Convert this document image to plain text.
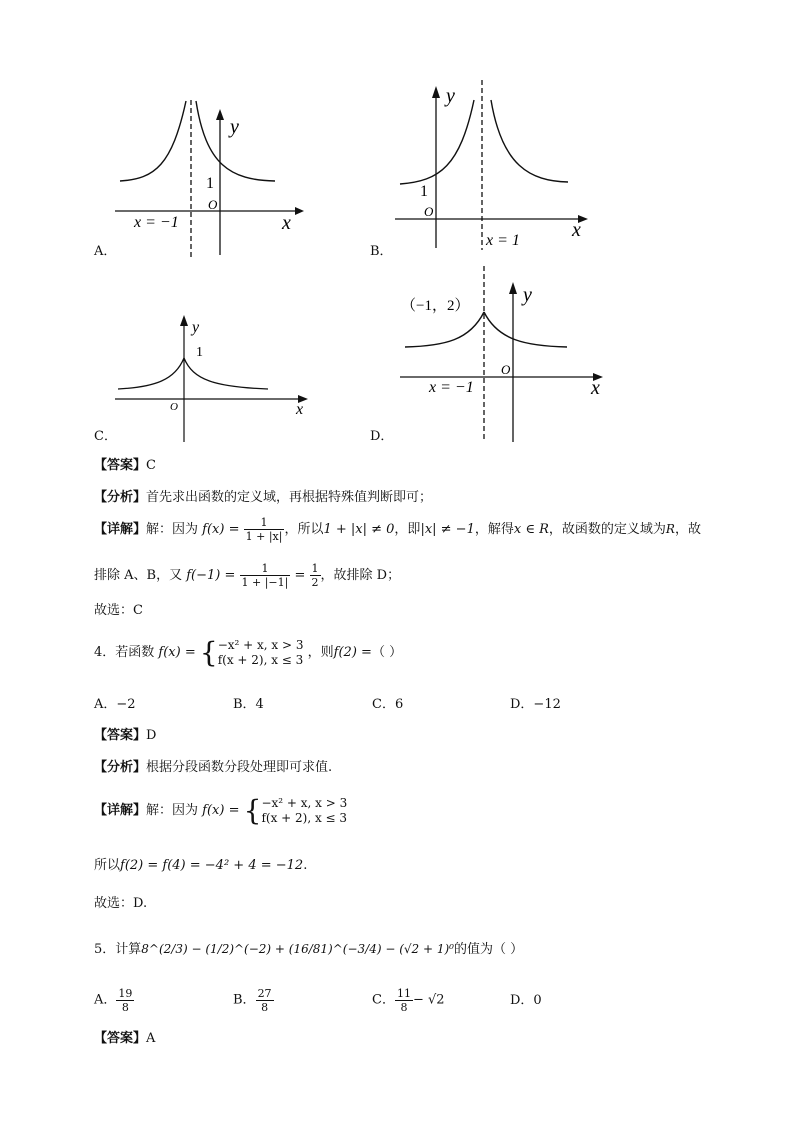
y
x
O
1
x = −1
A．
y
x
O
1
x = 1
B．
y
x
O
1
C．
y
x
O
（−1，2）
x = −1
D．
【答案】C
【分析】首先求出函数的定义域，再根据特殊值判断即可；
【详解】解：因为 $f(x) = \frac{1}{1 + |x|}$ ，所以1 + |x| ≠ 0，即|x| ≠ −1，解得x ∈ R，故函数的定义域为R，故
排除 A、B，又 $f(-1) = \frac{1}{1 + |-1|} = \frac{1}{2}$ ，故排除 D；
故选：C
4．若函数 f(x) = { −x² + x, x > 3
f(x + 2), x ≤ 3 ，则f(2) =（ ）
A．−2	B．4	C．6	D．−12
【答案】D
【分析】根据分段函数分段处理即可求值.
【详解】解：因为 f(x) = { −x² + x, x > 3
f(x + 2), x ≤ 3
所以f(2) = f(4) = −4² + 4 = −12.
故选：D.
5．计算8^(2/3) − (1/2)^(−2) + (16/81)^(−3/4) − (√2 + 1)⁰的值为（ ）
A． $\frac{19}{8}$	B． $\frac{27}{8}$	C． $\frac{11}{8} - √2$	D．0
【答案】A
